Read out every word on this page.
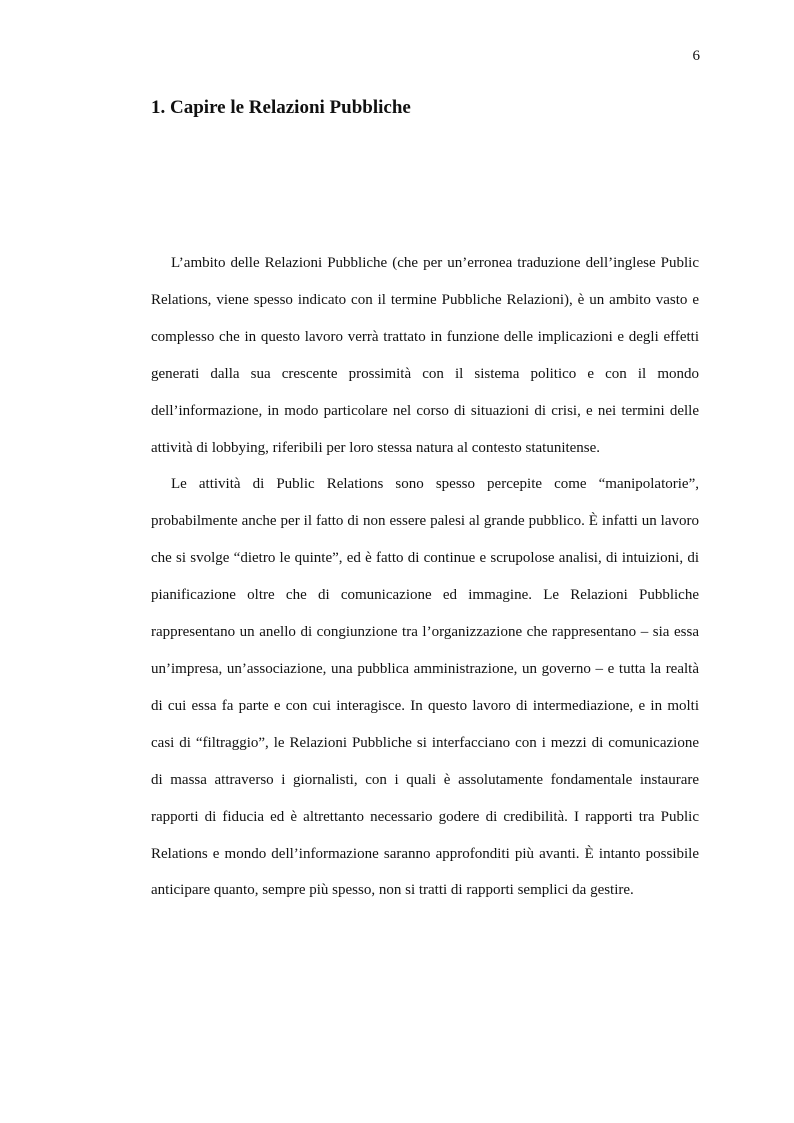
6
1. Capire le Relazioni Pubbliche

L’ambito delle Relazioni Pubbliche (che per un’erronea traduzione dell’inglese Public Relations, viene spesso indicato con il termine Pubbliche Relazioni), è un ambito vasto e complesso che in questo lavoro verrà trattato in funzione delle implicazioni e degli effetti generati dalla sua crescente prossimità con il sistema politico e con il mondo dell’informazione, in modo particolare nel corso di situazioni di crisi, e nei termini delle attività di lobbying, riferibili per loro stessa natura al contesto statunitense.

Le attività di Public Relations sono spesso percepite come “manipolatorie”, probabilmente anche per il fatto di non essere palesi al grande pubblico. È infatti un lavoro che si svolge “dietro le quinte”, ed è fatto di continue e scrupolose analisi, di intuizioni, di pianificazione oltre che di comunicazione ed immagine. Le Relazioni Pubbliche rappresentano un anello di congiunzione tra l’organizzazione che rappresentano – sia essa un’impresa, un’associazione, una pubblica amministrazione, un governo – e tutta la realtà di cui essa fa parte e con cui interagisce. In questo lavoro di intermediazione, e in molti casi di “filtraggio”, le Relazioni Pubbliche si interfacciano con i mezzi di comunicazione di massa attraverso i giornalisti, con i quali è assolutamente fondamentale instaurare rapporti di fiducia ed è altrettanto necessario godere di credibilità. I rapporti tra Public Relations e mondo dell’informazione saranno approfonditi più avanti. È intanto possibile anticipare quanto, sempre più spesso, non si tratti di rapporti semplici da gestire.
